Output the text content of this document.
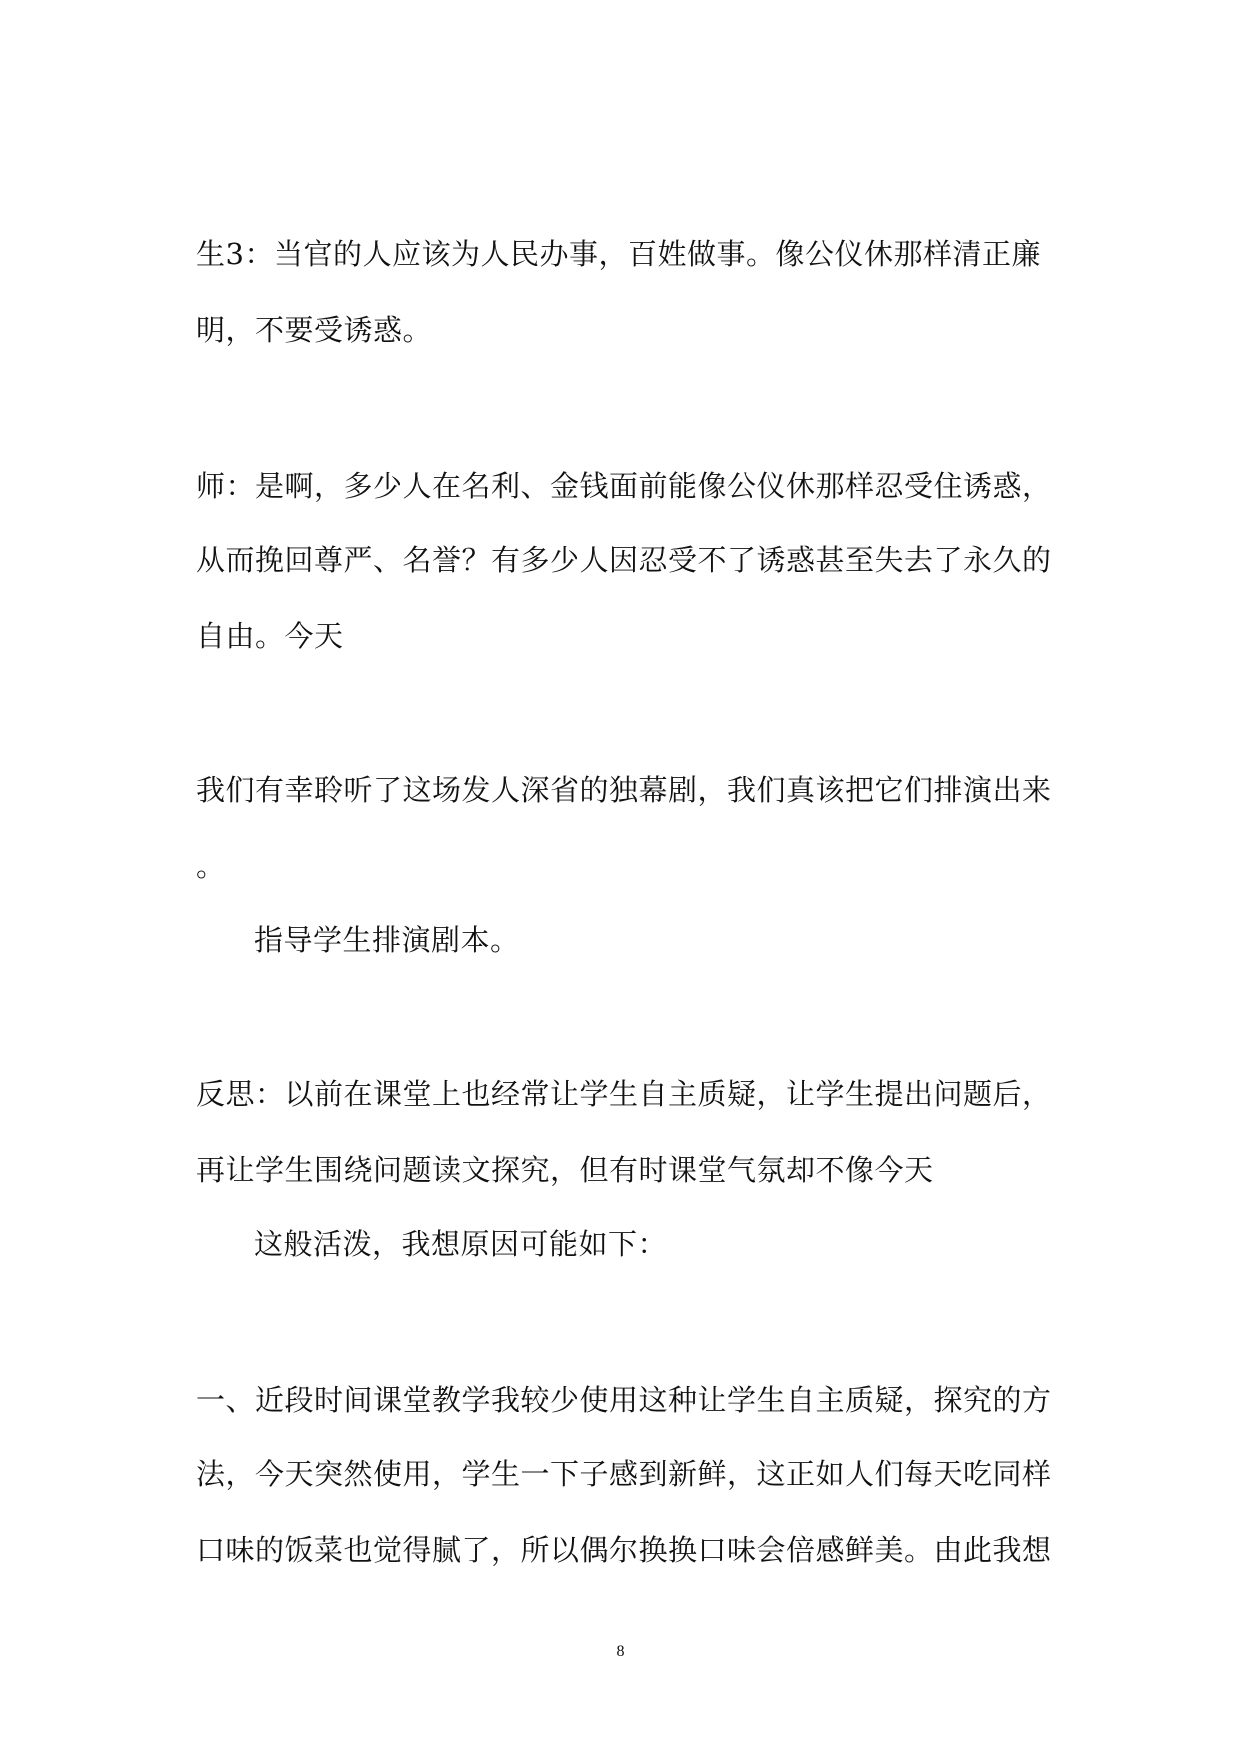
生3：当官的人应该为人民办事，百姓做事。像公仪休那样清正廉
明，不要受诱惑。
师：是啊，多少人在名利、金钱面前能像公仪休那样忍受住诱惑，
从而挽回尊严、名誉？有多少人因忍受不了诱惑甚至失去了永久的
自由。今天
我们有幸聆听了这场发人深省的独幕剧，我们真该把它们排演出来
。
指导学生排演剧本。
反思：以前在课堂上也经常让学生自主质疑，让学生提出问题后，
再让学生围绕问题读文探究，但有时课堂气氛却不像今天
这般活泼，我想原因可能如下：
一、近段时间课堂教学我较少使用这种让学生自主质疑，探究的方
法，今天突然使用，学生一下子感到新鲜，这正如人们每天吃同样
口味的饭菜也觉得腻了，所以偶尔换换口味会倍感鲜美。由此我想
8
